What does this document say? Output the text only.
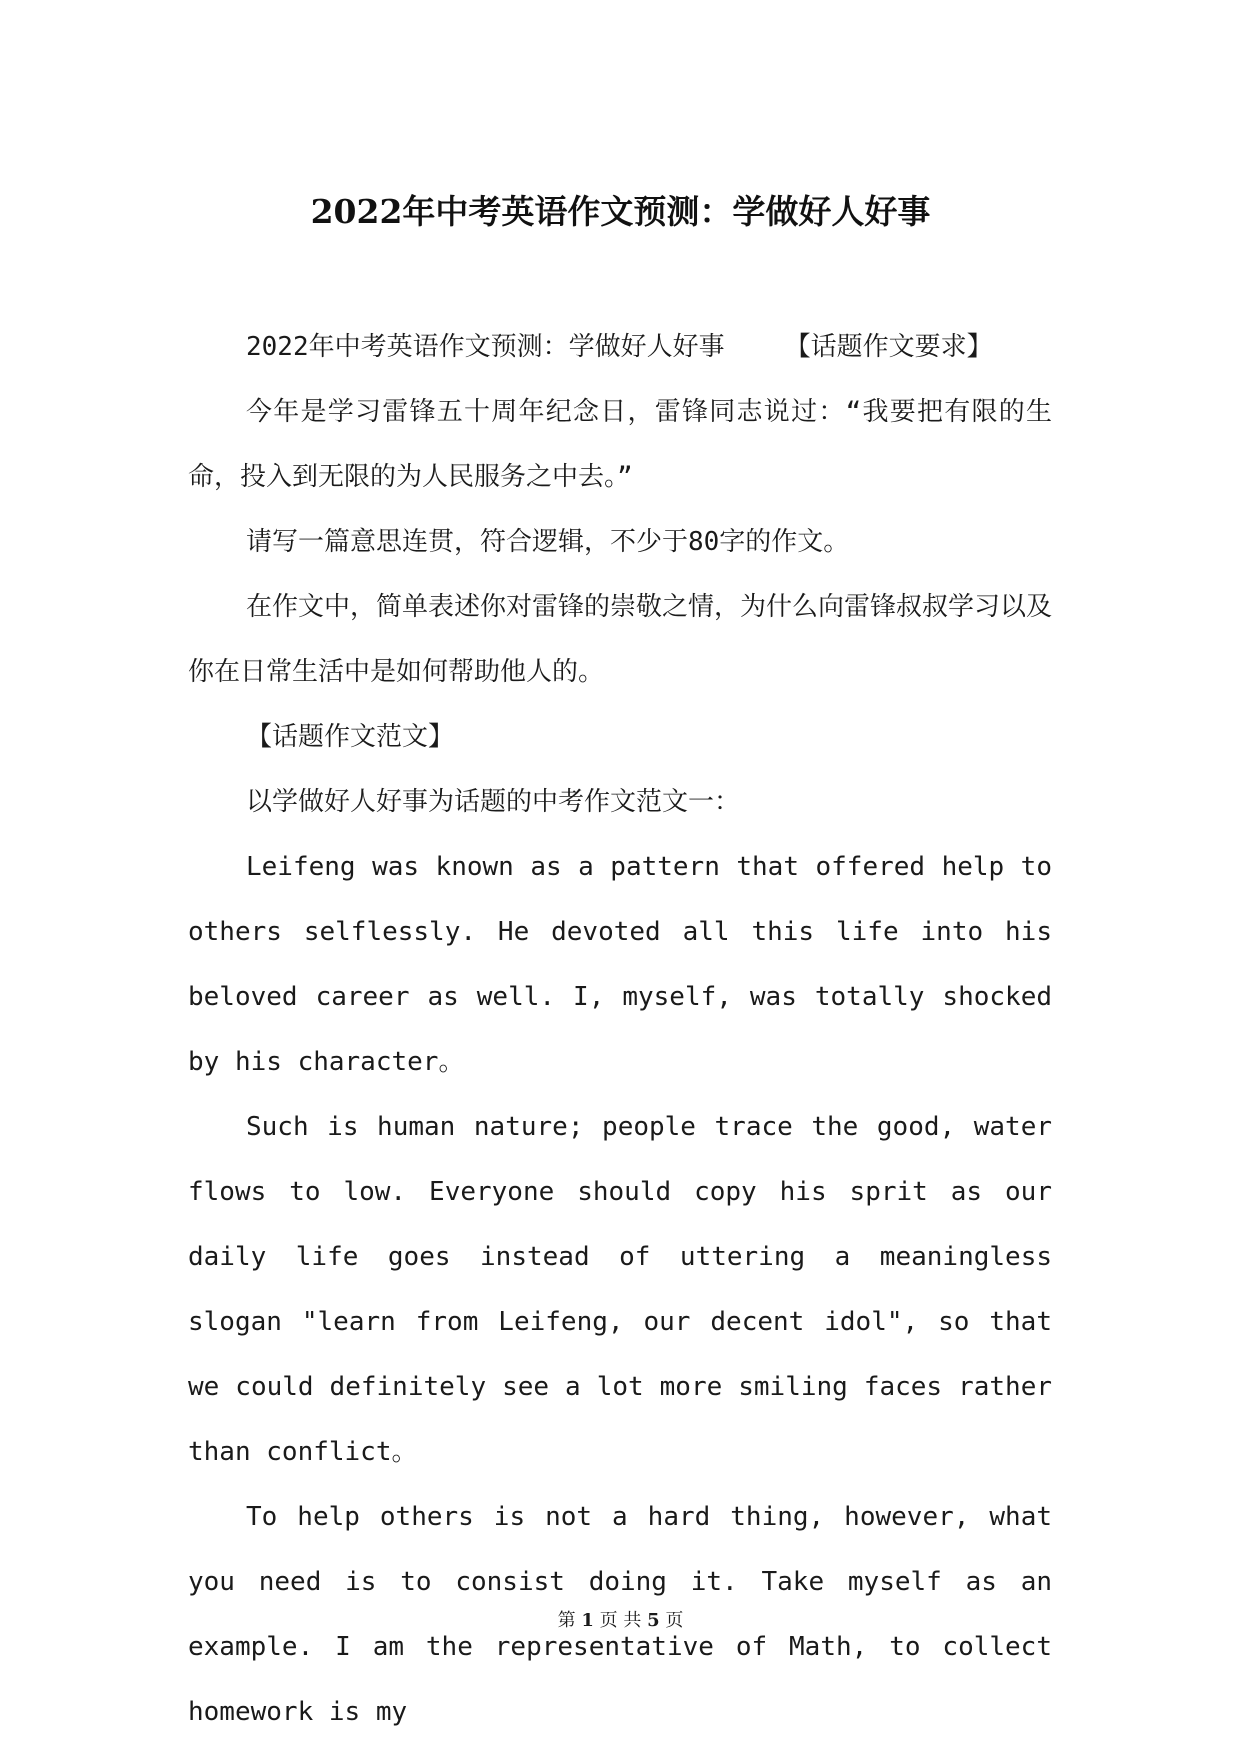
2022年中考英语作文预测：学做好人好事

2022年中考英语作文预测：学做好人好事 【话题作文要求】

今年是学习雷锋五十周年纪念日，雷锋同志说过：“我要把有限的生命，投入到无限的为人民服务之中去。”

请写一篇意思连贯，符合逻辑，不少于80字的作文。

在作文中，简单表述你对雷锋的崇敬之情，为什么向雷锋叔叔学习以及你在日常生活中是如何帮助他人的。

【话题作文范文】

以学做好人好事为话题的中考作文范文一：

Leifeng was known as a pattern that offered help to others selflessly. He devoted all this life into his beloved career as well. I, myself, was totally shocked by his character。

Such is human nature; people trace the good, water flows to low. Everyone should copy his sprit as our daily life goes instead of uttering a meaningless slogan "learn from Leifeng, our decent idol", so that we could definitely see a lot more smiling faces rather than conflict。

To help others is not a hard thing, however, what you need is to consist doing it. Take myself as an example. I am the representative of Math, to collect homework is my

第 1 页 共 5 页
